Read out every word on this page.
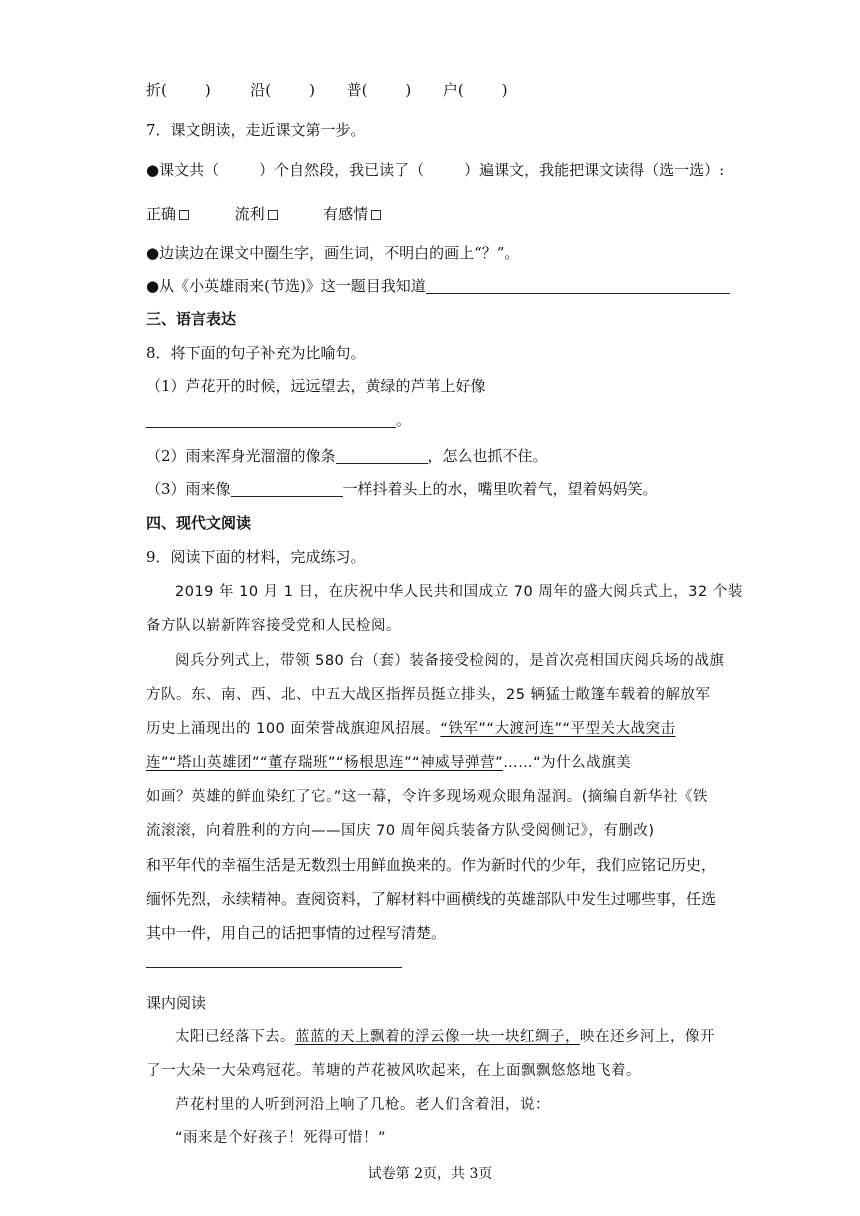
折(	)	沿(	) 普(	) 户(	)
7．课文朗读，走近课文第一步。
●课文共（	）个自然段，我已读了（	）遍课文，我能把课文读得（选一选）:
正确	流利	有感情
●边读边在课文中圈生字，画生词，不明白的画上“？”。
●从《小英雄雨来(节选)》这一题目我知道
三、语言表达
8．将下面的句子补充为比喻句。
（1）芦花开的时候，远远望去，黄绿的芦苇上好像
。
（2）雨来浑身光溜溜的像条	，怎么也抓不住。
（3）雨来像	一样抖着头上的水，嘴里吹着气，望着妈妈笑。
四、现代文阅读
9．阅读下面的材料，完成练习。
2019 年 10 月 1 日，在庆祝中华人民共和国成立 70 周年的盛大阅兵式上，32 个装
备方队以崭新阵容接受党和人民检阅。
阅兵分列式上，带领 580 台（套）装备接受检阅的，是首次亮相国庆阅兵场的战旗
方队。东、南、西、北、中五大战区指挥员挺立排头，25 辆猛士敞篷车载着的解放军
历史上涌现出的 100 面荣誉战旗迎风招展。“铁军”“大渡河连”“平型关大战突击
连”“塔山英雄团”“董存瑞班”“杨根思连”“神威导弹营”……“为什么战旗美
如画？英雄的鲜血染红了它。”这一幕，令许多现场观众眼角湿润。(摘编自新华社《铁
流滚滚，向着胜利的方向——国庆 70 周年阅兵装备方队受阅侧记》，有删改)
和平年代的幸福生活是无数烈士用鲜血换来的。作为新时代的少年，我们应铭记历史，
缅怀先烈，永续精神。查阅资料，了解材料中画横线的英雄部队中发生过哪些事，任选
其中一件，用自己的话把事情的过程写清楚。
课内阅读
太阳已经落下去。蓝蓝的天上飘着的浮云像一块一块红绸子，映在还乡河上，像开
了一大朵一大朵鸡冠花。苇塘的芦花被风吹起来，在上面飘飘悠悠地飞着。
芦花村里的人听到河沿上响了几枪。老人们含着泪，说：
“雨来是个好孩子！死得可惜！”
试卷第 2页，共 3页
